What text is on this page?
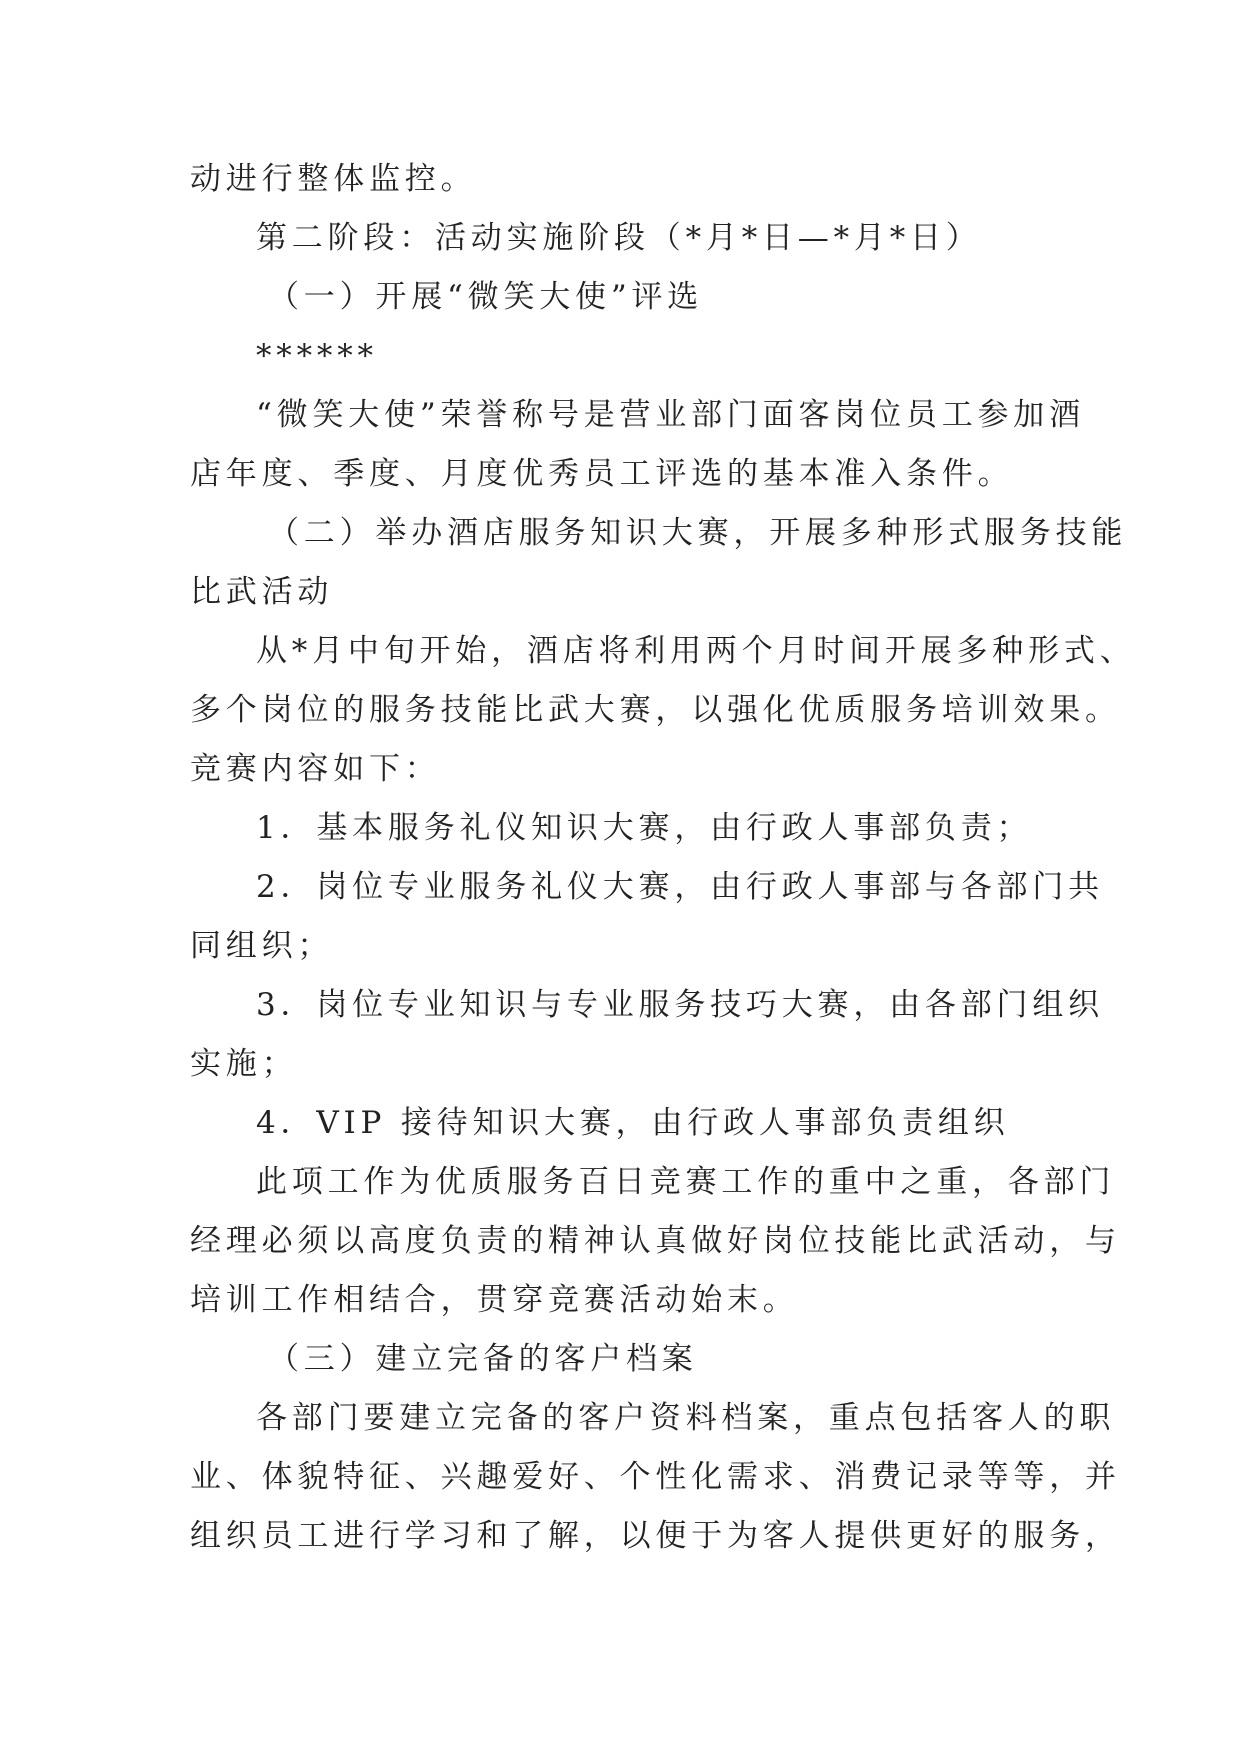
动进行整体监控。

第二阶段：活动实施阶段（*月*日—*月*日）

（一）开展“微笑大使”评选

******

“微笑大使”荣誉称号是营业部门面客岗位员工参加酒

店年度、季度、月度优秀员工评选的基本准入条件。

（二）举办酒店服务知识大赛，开展多种形式服务技能

比武活动

从*月中旬开始，酒店将利用两个月时间开展多种形式、

多个岗位的服务技能比武大赛，以强化优质服务培训效果。

竞赛内容如下：

1．基本服务礼仪知识大赛，由行政人事部负责；

2．岗位专业服务礼仪大赛，由行政人事部与各部门共

同组织；

3．岗位专业知识与专业服务技巧大赛，由各部门组织

实施；

4．VIP 接待知识大赛，由行政人事部负责组织

此项工作为优质服务百日竞赛工作的重中之重，各部门

经理必须以高度负责的精神认真做好岗位技能比武活动，与

培训工作相结合，贯穿竞赛活动始末。

（三）建立完备的客户档案

各部门要建立完备的客户资料档案，重点包括客人的职

业、体貌特征、兴趣爱好、个性化需求、消费记录等等，并

组织员工进行学习和了解，以便于为客人提供更好的服务，
